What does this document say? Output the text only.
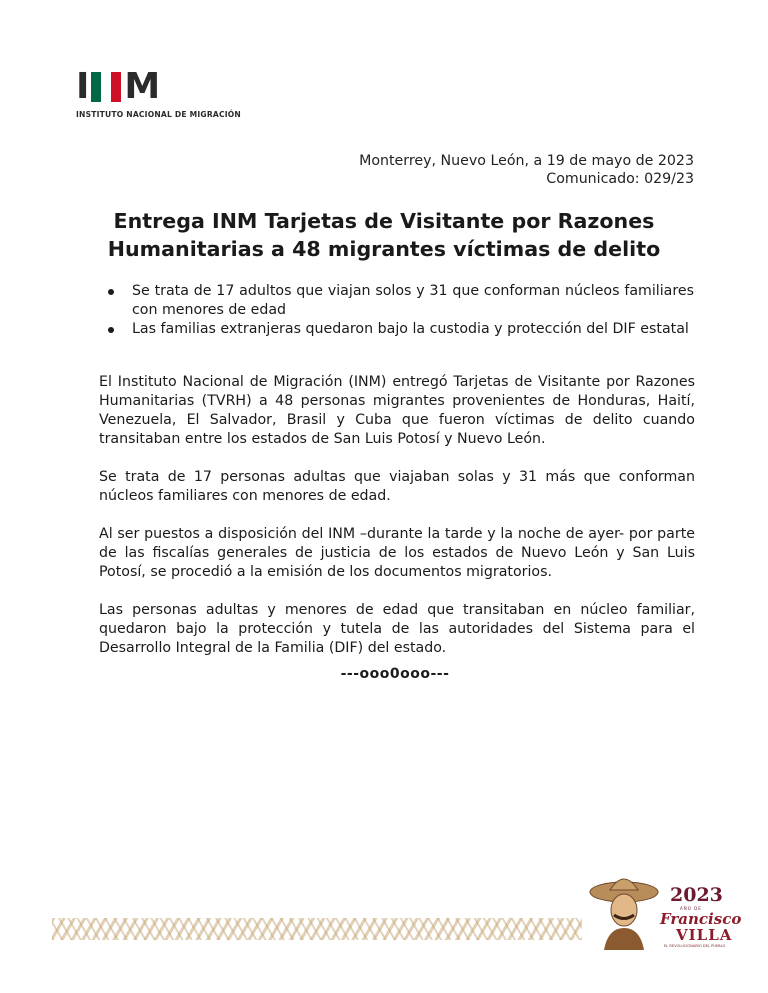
I M
INSTITUTO NACIONAL DE MIGRACIÓN
Monterrey, Nuevo León, a 19 de mayo de 2023
Comunicado: 029/23
Entrega INM Tarjetas de Visitante por Razones
Humanitarias a 48 migrantes víctimas de delito
Se trata de 17 adultos que viajan solos y 31 que conforman núcleos familiares con menores de edad
Las familias extranjeras quedaron bajo la custodia y protección del DIF estatal

El Instituto Nacional de Migración (INM) entregó Tarjetas de Visitante por Razones Humanitarias (TVRH) a 48 personas migrantes provenientes de Honduras, Haití, Venezuela, El Salvador, Brasil y Cuba que fueron víctimas de delito cuando transitaban entre los estados de San Luis Potosí y Nuevo León.

Se trata de 17 personas adultas que viajaban solas y 31 más que conforman núcleos familiares con menores de edad.

Al ser puestos a disposición del INM –durante la tarde y la noche de ayer- por parte de las fiscalías generales de justicia de los estados de Nuevo León y San Luis Potosí, se procedió a la emisión de los documentos migratorios.

Las personas adultas y menores de edad que transitaban en núcleo familiar, quedaron bajo la protección y tutela de las autoridades del Sistema para el Desarrollo Integral de la Familia (DIF) del estado.

---ooo0ooo---
2023
AÑO DE
Francisco
VILLA
EL REVOLUCIONARIO DEL PUEBLO
